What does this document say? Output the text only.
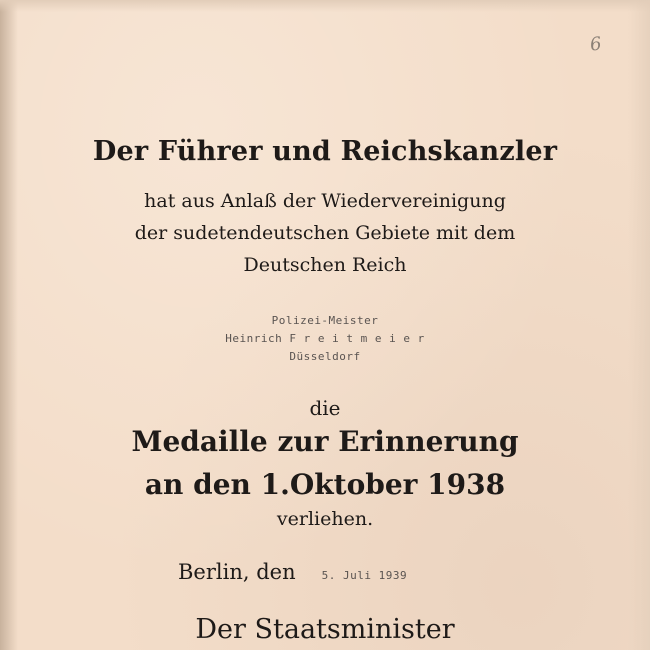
6
Der Führer und Reichskanzler
hat aus Anlaß der Wiedervereinigung
der sudetendeutschen Gebiete mit dem
Deutschen Reich
Polizei-Meister
Heinrich F r e i t m e i e r
Düsseldorf
die
Medaille zur Erinnerung
an den 1.Oktober 1938
verliehen.
Berlin, den 5. Juli 1939
Der Staatsminister
